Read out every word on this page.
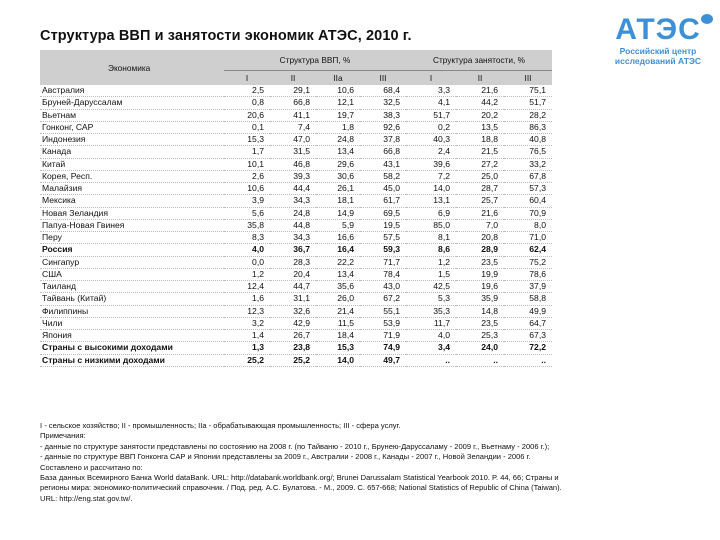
Структура ВВП и занятости экономик АТЭС, 2010 г.	АТЭС
Российский центр
исследований АТЭС
Экономика	Структура ВВП, %				Структура занятости, %		
	I	II	IIa	III	I	II	III
Австралия	2,5	29,1	10,6	68,4	3,3	21,6	75,1
Бруней-Даруссалам	0,8	66,8	12,1	32,5	4,1	44,2	51,7
Вьетнам	20,6	41,1	19,7	38,3	51,7	20,2	28,2
Гонконг, САР	0,1	7,4	1,8	92,6	0,2	13,5	86,3
Индонезия	15,3	47,0	24,8	37,8	40,3	18,8	40,8
Канада	1,7	31,5	13,4	66,8	2,4	21,5	76,5
Китай	10,1	46,8	29,6	43,1	39,6	27,2	33,2
Корея, Респ.	2,6	39,3	30,6	58,2	7,2	25,0	67,8
Малайзия	10,6	44,4	26,1	45,0	14,0	28,7	57,3
Мексика	3,9	34,3	18,1	61,7	13,1	25,7	60,4
Новая Зеландия	5,6	24,8	14,9	69,5	6,9	21,6	70,9
Папуа-Новая Гвинея	35,8	44,8	5,9	19,5	85,0	7,0	8,0
Перу	8,3	34,3	16,6	57,5	8,1	20,8	71,0
Россия	4,0	36,7	16,4	59,3	8,6	28,9	62,4
Сингапур	0,0	28,3	22,2	71,7	1,2	23,5	75,2
США	1,2	20,4	13,4	78,4	1,5	19,9	78,6
Таиланд	12,4	44,7	35,6	43,0	42,5	19,6	37,9
Тайвань (Китай)	1,6	31,1	26,0	67,2	5,3	35,9	58,8
Филиппины	12,3	32,6	21,4	55,1	35,3	14,8	49,9
Чили	3,2	42,9	11,5	53,9	11,7	23,5	64,7
Япония	1,4	26,7	18,4	71,9	4,0	25,3	67,3
Страны с высокими доходами	1,3	23,8	15,3	74,9	3,4	24,0	72,2
Страны с низкими доходами	25,2	25,2	14,0	49,7	..	..	..
I - сельское хозяйство; II - промышленность; IIa - обрабатывающая промышленность; III - сфера услуг.
Примечания:
- данные по структуре занятости представлены по состоянию на 2008 г. (по Тайваню - 2010 г., Брунею-Даруссаламу - 2009 г., Вьетнаму - 2006 г.);
- данные по структуре ВВП Гонконга САР и Японии представлены за 2009 г., Австралии - 2008 г., Канады - 2007 г., Новой Зеландии - 2006 г.
Составлено и рассчитано по:
База данных Всемирного Банка World dataBank. URL: http://databank.worldbank.org/; Brunei Darussalam Statistical Yearbook 2010. P. 44, 66; Страны и
регионы мира: экономико-политический справочник. / Под. ред. А.С. Булатова. - М., 2009. С. 657-668; National Statistics of Republic of China (Taiwan).
URL: http://eng.stat.gov.tw/.
